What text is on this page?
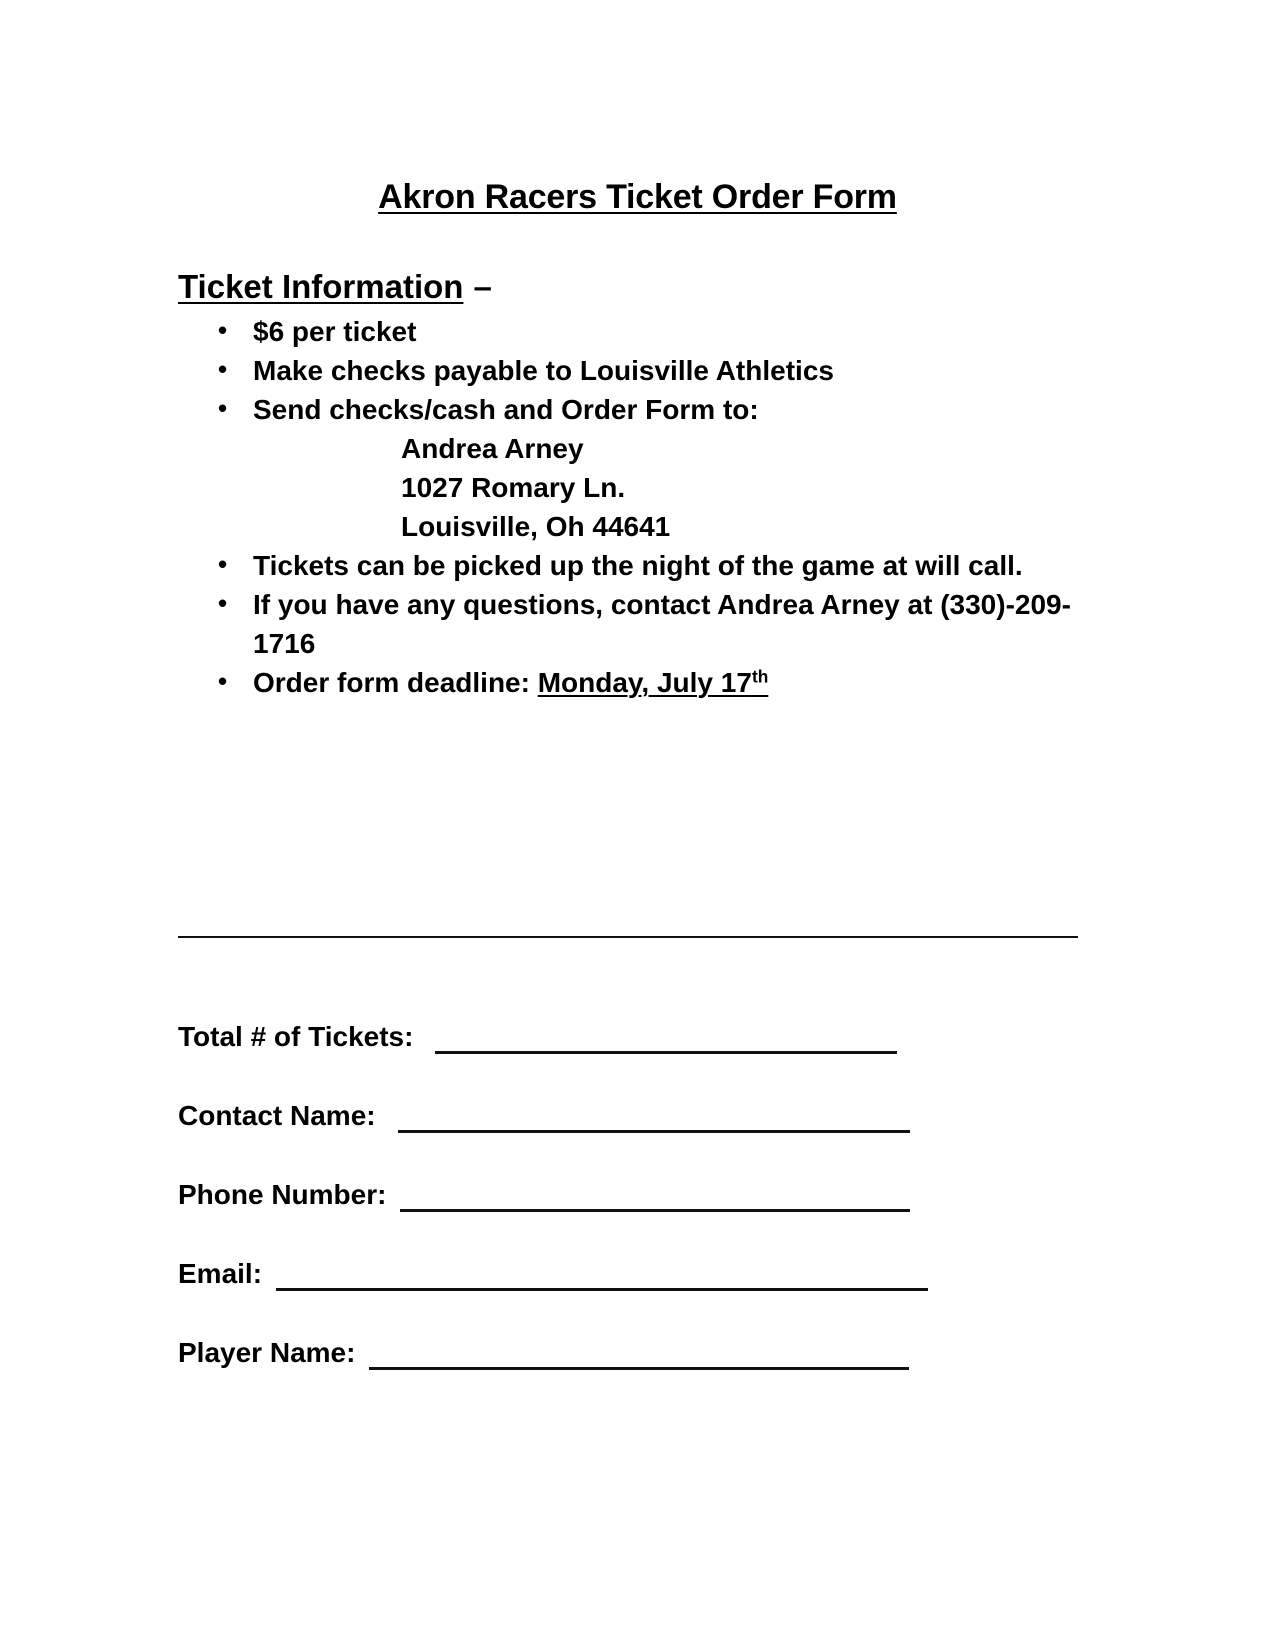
Akron Racers Ticket Order Form
Ticket Information –
• $6 per ticket
• Make checks payable to Louisville Athletics
• Send checks/cash and Order Form to:
Andrea Arney
1027 Romary Ln.
Louisville, Oh 44641
• Tickets can be picked up the night of the game at will call.
• If you have any questions, contact Andrea Arney at (330)-209-1716
• Order form deadline: Monday, July 17th
Total # of Tickets:
Contact Name:
Phone Number:
Email:
Player Name:
